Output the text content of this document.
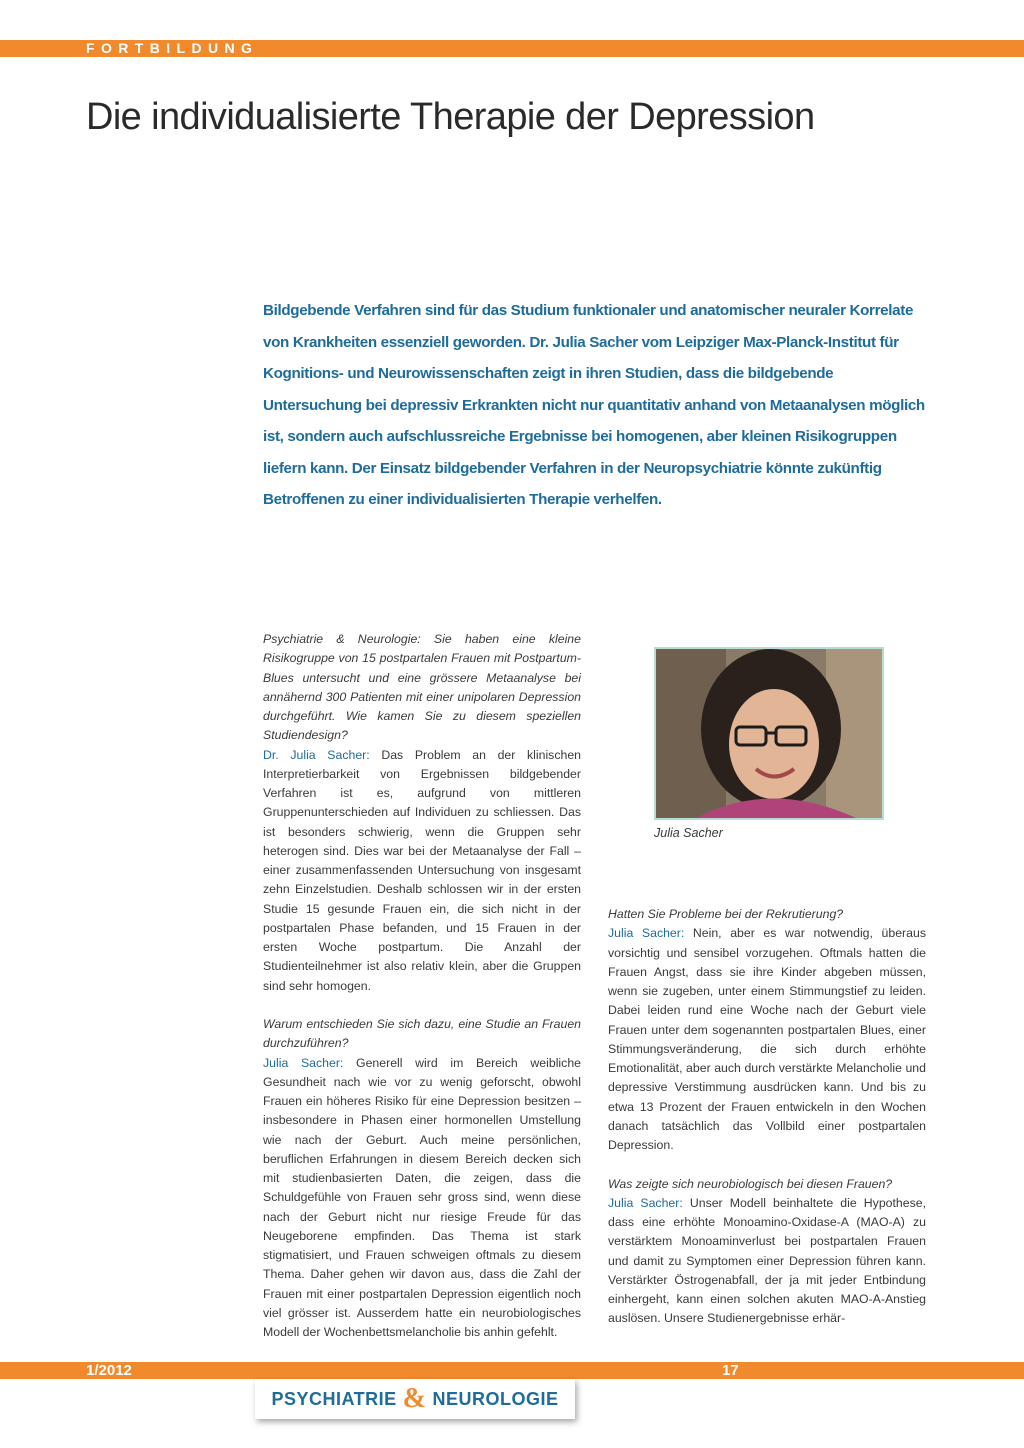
FORTBILDUNG
Die individualisierte Therapie der Depression

Bildgebende Verfahren sind für das Studium funktionaler und anatomischer neuraler Korrelate von Krankheiten essenziell geworden. Dr. Julia Sacher vom Leipziger Max-Planck-Institut für Kognitions- und Neurowissenschaften zeigt in ihren Studien, dass die bildgebende Untersuchung bei depressiv Erkrankten nicht nur quantitativ anhand von Metaanalysen möglich ist, sondern auch aufschlussreiche Ergebnisse bei homogenen, aber kleinen Risikogruppen liefern kann. Der Einsatz bildgebender Verfahren in der Neuropsychiatrie könnte zukünftig Betroffenen zu einer individualisierten Therapie verhelfen.

Psychiatrie & Neurologie: Sie haben eine kleine Risikogruppe von 15 postpartalen Frauen mit Postpartum-Blues untersucht und eine grössere Metaanalyse bei annähernd 300 Patienten mit einer unipolaren Depression durchgeführt. Wie kamen Sie zu diesem speziellen Studiendesign?

Dr. Julia Sacher: Das Problem an der klinischen Interpretierbarkeit von Ergebnissen bildgebender Verfahren ist es, aufgrund von mittleren Gruppenunterschieden auf Individuen zu schliessen. Das ist besonders schwierig, wenn die Gruppen sehr heterogen sind. Dies war bei der Metaanalyse der Fall – einer zusammenfassenden Untersuchung von insgesamt zehn Einzelstudien. Deshalb schlossen wir in der ersten Studie 15 gesunde Frauen ein, die sich nicht in der postpartalen Phase befanden, und 15 Frauen in der ersten Woche postpartum. Die Anzahl der Studienteilnehmer ist also relativ klein, aber die Gruppen sind sehr homogen.

Warum entschieden Sie sich dazu, eine Studie an Frauen durchzuführen?

Julia Sacher: Generell wird im Bereich weibliche Gesundheit nach wie vor zu wenig geforscht, obwohl Frauen ein höheres Risiko für eine Depression besitzen – insbesondere in Phasen einer hormonellen Umstellung wie nach der Geburt. Auch meine persönlichen, beruflichen Erfahrungen in diesem Bereich decken sich mit studienbasierten Daten, die zeigen, dass die Schuldgefühle von Frauen sehr gross sind, wenn diese nach der Geburt nicht nur riesige Freude für das Neugeborene empfinden. Das Thema ist stark stigmatisiert, und Frauen schweigen oftmals zu diesem Thema. Daher gehen wir davon aus, dass die Zahl der Frauen mit einer postpartalen Depression eigentlich noch viel grösser ist. Ausserdem hatte ein neurobiologisches Modell der Wochenbettsmelancholie bis anhin gefehlt.

Julia Sacher

Hatten Sie Probleme bei der Rekrutierung?

Julia Sacher: Nein, aber es war notwendig, überaus vorsichtig und sensibel vorzugehen. Oftmals hatten die Frauen Angst, dass sie ihre Kinder abgeben müssen, wenn sie zugeben, unter einem Stimmungstief zu leiden. Dabei leiden rund eine Woche nach der Geburt viele Frauen unter dem sogenannten postpartalen Blues, einer Stimmungsveränderung, die sich durch erhöhte Emotionalität, aber auch durch verstärkte Melancholie und depressive Verstimmung ausdrücken kann. Und bis zu etwa 13 Prozent der Frauen entwickeln in den Wochen danach tatsächlich das Vollbild einer postpartalen Depression.

Was zeigte sich neurobiologisch bei diesen Frauen?

Julia Sacher: Unser Modell beinhaltete die Hypothese, dass eine erhöhte Monoamino-Oxidase-A (MAO-A) zu verstärktem Monoaminverlust bei postpartalen Frauen und damit zu Symptomen einer Depression führen kann. Verstärkter Östrogenabfall, der ja mit jeder Entbindung einhergeht, kann einen solchen akuten MAO-A-Anstieg auslösen. Unsere Studienergebnisse erhär-

1/2012	17
PSYCHIATRIE & NEUROLOGIE
